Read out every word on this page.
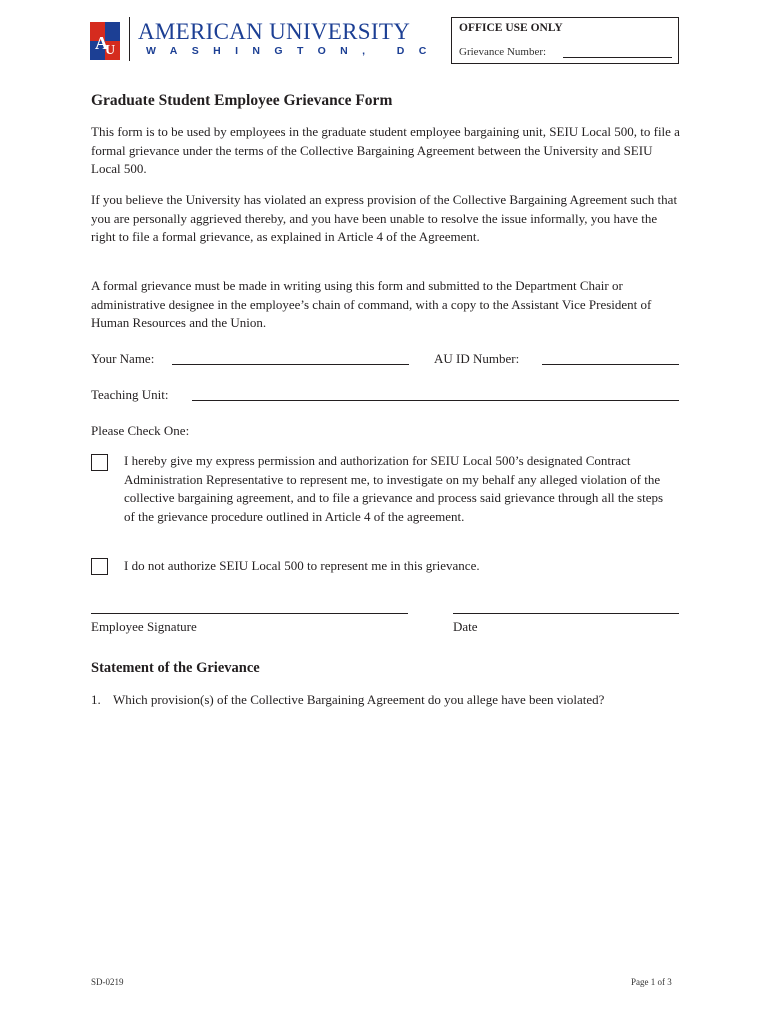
A
U
AMERICAN UNIVERSITY
WASHINGTON, DC
OFFICE USE ONLY
Grievance Number:
Graduate Student Employee Grievance Form
This form is to be used by employees in the graduate student employee bargaining unit, SEIU Local 500, to file a formal grievance under the terms of the Collective Bargaining Agreement between the University and SEIU Local 500.
If you believe the University has violated an express provision of the Collective Bargaining Agreement such that you are personally aggrieved thereby, and you have been unable to resolve the issue informally, you have the right to file a formal grievance, as explained in Article 4 of the Agreement.
A formal grievance must be made in writing using this form and submitted to the Department Chair or administrative designee in the employee’s chain of command, with a copy to the Assistant Vice President of Human Resources and the Union.
Your Name:	AU ID Number:
Teaching Unit:
Please Check One:
I hereby give my express permission and authorization for SEIU Local 500’s designated Contract Administration Representative to represent me, to investigate on my behalf any alleged violation of the collective bargaining agreement, and to file a grievance and process said grievance through all the steps of the grievance procedure outlined in Article 4 of the agreement.
I do not authorize SEIU Local 500 to represent me in this grievance.
Employee Signature	Date
Statement of the Grievance
1. Which provision(s) of the Collective Bargaining Agreement do you allege have been violated?
SD-0219	Page 1 of 3
